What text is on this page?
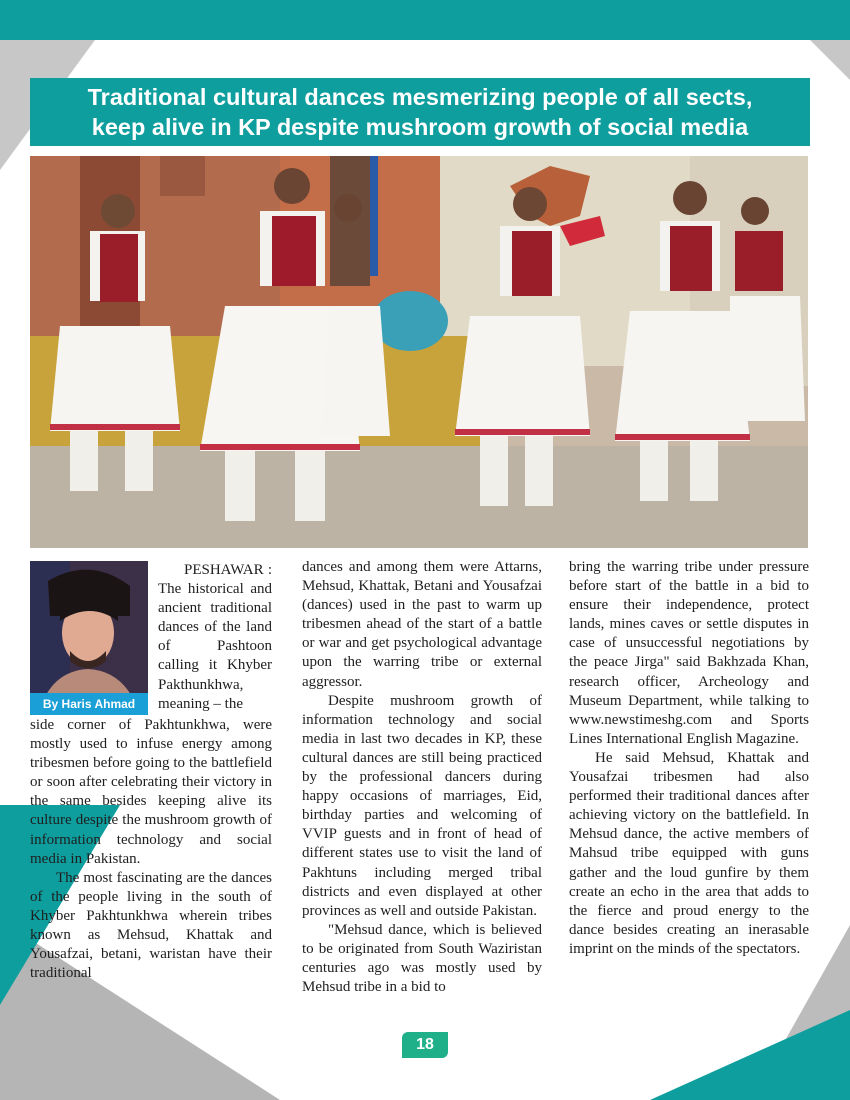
Traditional cultural dances mesmerizing people of all sects,
keep alive in KP despite mushroom growth of social media
By Haris Ahmad

PESHAWAR : The historical and ancient traditional dances of the land of Pashtoon calling it Khyber Pakthunkhwa, meaning – the

side corner of Pakhtunkhwa, were mostly used to infuse energy among tribesmen before going to the battlefield or soon after celebrating their victory in the same besides keeping alive its culture despite the mushroom growth of information technology and social media in Pakistan.

The most fascinating are the dances of the people living in the south of Khyber Pakhtunkhwa wherein tribes known as Mehsud, Khattak and Yousafzai, betani, waristan have their traditional

dances and among them were Attarns, Mehsud, Khattak, Betani and Yousafzai (dances) used in the past to warm up tribesmen ahead of the start of a battle or war and get psychological advantage upon the warring tribe or external aggressor.

Despite mushroom growth of information technology and social media in last two decades in KP, these cultural dances are still being practiced by the professional dancers during happy occasions of marriages, Eid, birthday parties and welcoming of VVIP guests and in front of head of different states use to visit the land of Pakhtuns including merged tribal districts and even displayed at other provinces as well and outside Pakistan.

"Mehsud dance, which is believed to be originated from South Waziristan centuries ago was mostly used by Mehsud tribe in a bid to

bring the warring tribe under pressure before start of the battle in a bid to ensure their independence, protect lands, mines caves or settle disputes in case of unsuccessful negotiations by the peace Jirga" said Bakhzada Khan, research officer, Archeology and Museum Department, while talking to www.newstimeshg.com and Sports Lines International English Magazine.

He said Mehsud, Khattak and Yousafzai tribesmen had also performed their traditional dances after achieving victory on the battlefield. In Mehsud dance, the active members of Mahsud tribe equipped with guns gather and the loud gunfire by them create an echo in the area that adds to the fierce and proud energy to the dance besides creating an inerasable imprint on the minds of the spectators.

18
